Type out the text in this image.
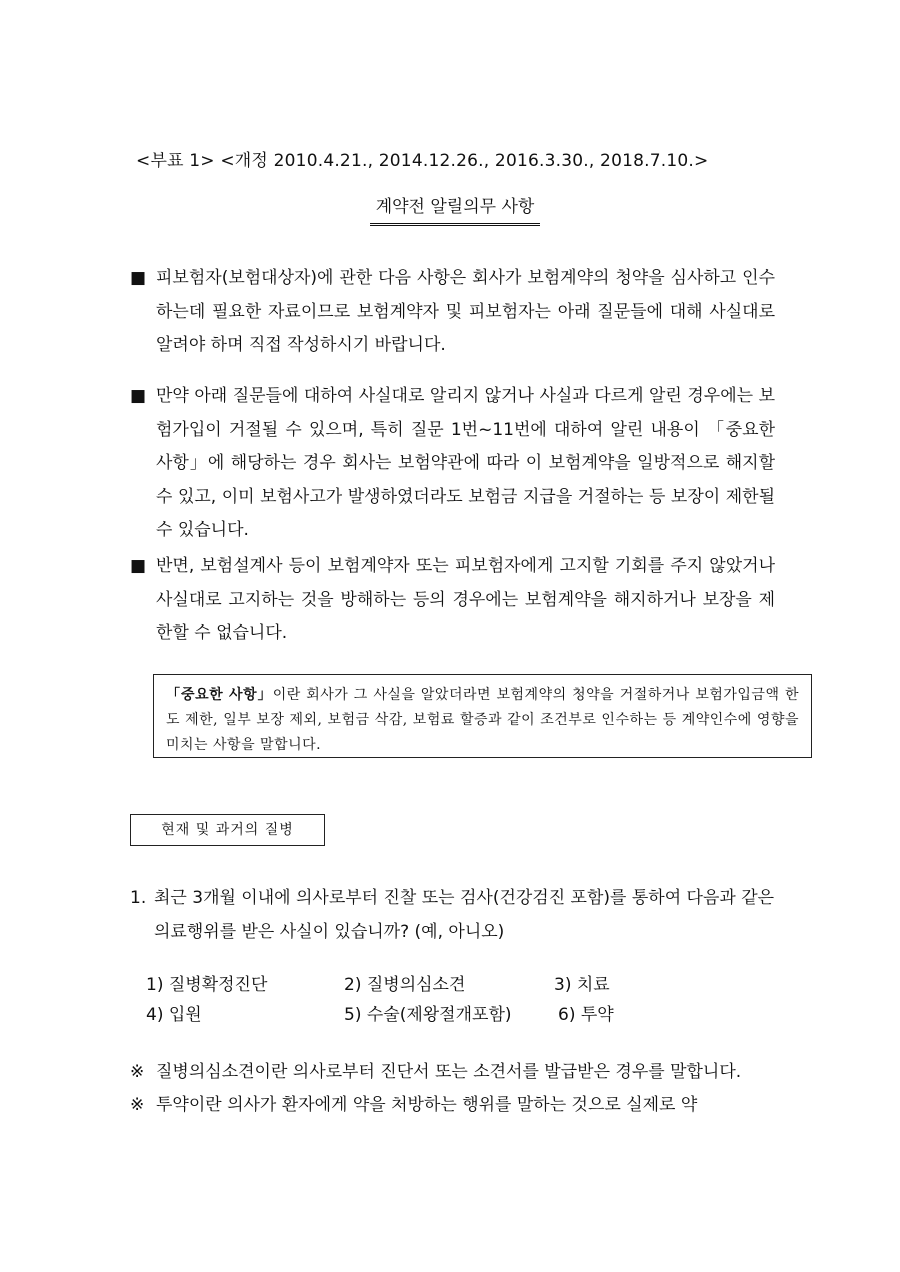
<부표 1> <개정 2010.4.21., 2014.12.26., 2016.3.30., 2018.7.10.>
계약전 알릴의무 사항
■ 피보험자(보험대상자)에 관한 다음 사항은 회사가 보험계약의 청약을 심사하고 인수하는데 필요한 자료이므로 보험계약자 및 피보험자는 아래 질문들에 대해 사실대로 알려야 하며 직접 작성하시기 바랍니다.
■ 만약 아래 질문들에 대하여 사실대로 알리지 않거나 사실과 다르게 알린 경우에는 보험가입이 거절될 수 있으며, 특히 질문 1번~11번에 대하여 알린 내용이 「중요한 사항」에 해당하는 경우 회사는 보험약관에 따라 이 보험계약을 일방적으로 해지할 수 있고, 이미 보험사고가 발생하였더라도 보험금 지급을 거절하는 등 보장이 제한될 수 있습니다.
■ 반면, 보험설계사 등이 보험계약자 또는 피보험자에게 고지할 기회를 주지 않았거나 사실대로 고지하는 것을 방해하는 등의 경우에는 보험계약을 해지하거나 보장을 제한할 수 없습니다.
「중요한 사항」이란 회사가 그 사실을 알았더라면 보험계약의 청약을 거절하거나 보험가입금액 한도 제한, 일부 보장 제외, 보험금 삭감, 보험료 할증과 같이 조건부로 인수하는 등 계약인수에 영향을 미치는 사항을 말합니다.
현재 및 과거의 질병
1. 최근 3개월 이내에 의사로부터 진찰 또는 검사(건강검진 포함)를 통하여 다음과 같은 의료행위를 받은 사실이 있습니까? (예, 아니오)
1) 질병확정진단	2) 질병의심소견	3) 치료
4) 입원	5) 수술(제왕절개포함)	6) 투약
※ 질병의심소견이란 의사로부터 진단서 또는 소견서를 발급받은 경우를 말합니다.
※ 투약이란 의사가 환자에게 약을 처방하는 행위를 말하는 것으로 실제로 약
